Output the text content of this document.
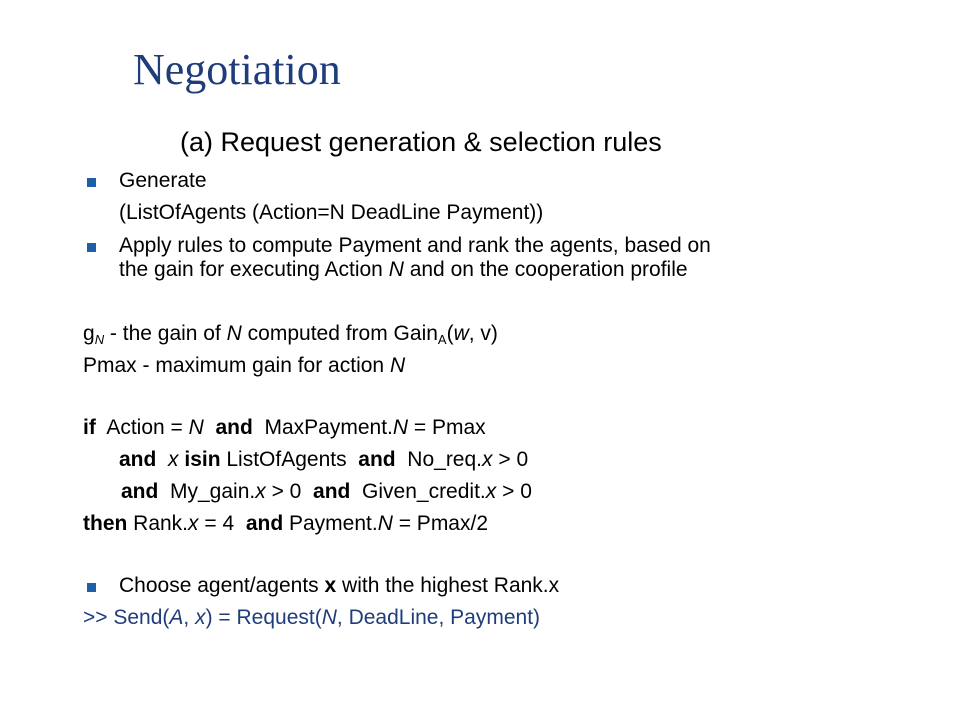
Negotiation
(a) Request generation & selection rules
Generate
(ListOfAgents (Action=N DeadLine Payment))
Apply rules to compute Payment and rank the agents, based on
the gain for executing Action N and on the cooperation profile
$g_N$ - the gain of N computed from Gain$_A$(w, v)
Pmax - maximum gain for action N
if  Action = N  and  MaxPayment.N = Pmax
and  x isin ListOfAgents  and  No_req.x > 0
and  My_gain.x > 0  and  Given_credit.x > 0
then Rank.x = 4  and Payment.N = Pmax/2
Choose agent/agents x with the highest Rank.x
>> Send(A, x) = Request(N, DeadLine, Payment)
